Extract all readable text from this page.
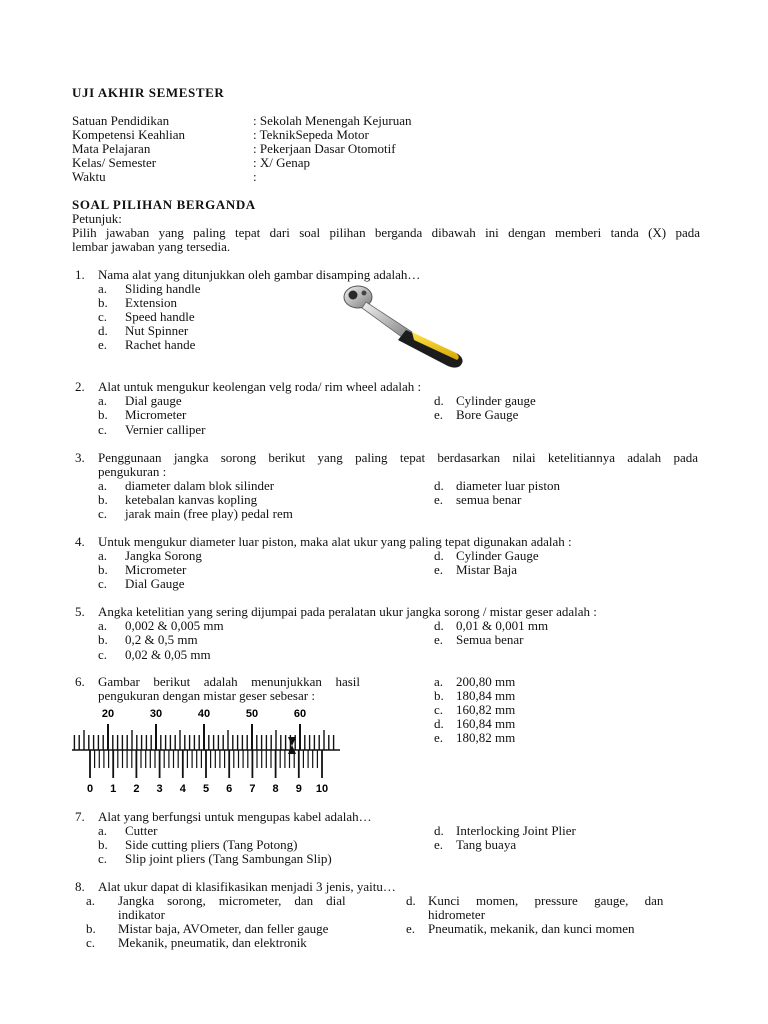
UJI AKHIR SEMESTER
Satuan Pendidikan	: Sekolah Menengah Kejuruan
Kompetensi Keahlian	: TeknikSepeda Motor
Mata Pelajaran	: Pekerjaan Dasar Otomotif
Kelas/ Semester	: X/ Genap
Waktu	:
SOAL PILIHAN BERGANDA
Petunjuk:
Pilih jawaban yang paling tepat dari soal pilihan berganda dibawah ini dengan memberi tanda (X) pada
lembar jawaban yang tersedia.
1. Nama alat yang ditunjukkan oleh gambar disamping adalah…
a. Sliding handle
b. Extension
c. Speed handle
d. Nut Spinner
e. Rachet hande
2. Alat untuk mengukur keolengan velg roda/ rim wheel adalah :
a. Dial gauge
b. Micrometer
c. Vernier calliper
d. Cylinder gauge
e. Bore Gauge
3. Penggunaan jangka sorong berikut yang paling tepat berdasarkan nilai ketelitiannya adalah pada
pengukuran :
a. diameter dalam blok silinder
b. ketebalan kanvas kopling
c. jarak main (free play) pedal rem
d. diameter luar piston
e. semua benar
4. Untuk mengukur diameter luar piston, maka alat ukur yang paling tepat digunakan adalah :
a. Jangka Sorong
b. Micrometer
c. Dial Gauge
d. Cylinder Gauge
e. Mistar Baja
5. Angka ketelitian yang sering dijumpai pada peralatan ukur jangka sorong / mistar geser adalah :
a. 0,002 & 0,005 mm
b. 0,2 & 0,5 mm
c. 0,02 & 0,05 mm
d. 0,01 & 0,001 mm
e. Semua benar
6. Gambar berikut adalah menunjukkan hasil
pengukuran dengan mistar geser sebesar :
a. 200,80 mm
b. 180,84 mm
c. 160,82 mm
d. 160,84 mm
e. 180,82 mm
20	30	40	50	60
0 1 2 3 4 5 6 7 8 9 10
7. Alat yang berfungsi untuk mengupas kabel adalah…
a. Cutter
b. Side cutting pliers (Tang Potong)
c. Slip joint pliers (Tang Sambungan Slip)
d. Interlocking Joint Plier
e. Tang buaya
8. Alat ukur dapat di klasifikasikan menjadi 3 jenis, yaitu…
a. Jangka    sorong,    micrometer,    dan    dial
indikator
b. Mistar baja, AVOmeter, dan feller gauge
c. Mekanik, pneumatik, dan elektronik
d. Kunci     momen,     pressure     gauge,     dan
hidrometer
e. Pneumatik, mekanik, dan kunci momen
